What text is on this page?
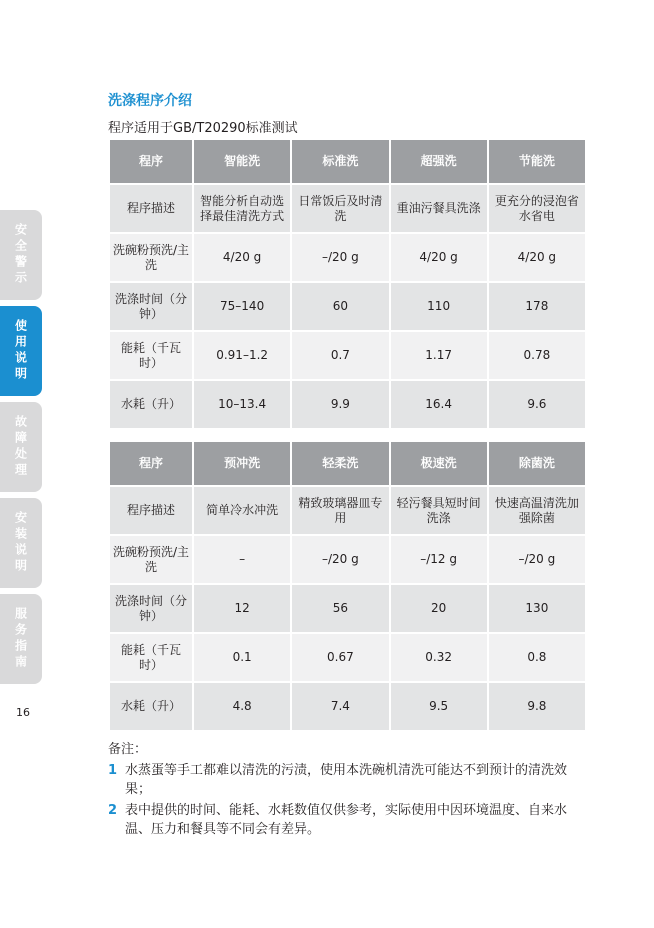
安全警示
使用说明
故障处理
安装说明
服务指南
16
洗涤程序介绍
程序适用于GB/T20290标准测试
程序	智能洗	标准洗	超强洗	节能洗
程序描述	智能分析自动选择最佳清洗方式	日常饭后及时清洗	重油污餐具洗涤	更充分的浸泡省水省电
洗碗粉预洗/主洗	4/20 g	–/20 g	4/20 g	4/20 g
洗涤时间（分钟）	75–140	60	110	178
能耗（千瓦时）	0.91–1.2	0.7	1.17	0.78
水耗（升）	10–13.4	9.9	16.4	9.6
程序	预冲洗	轻柔洗	极速洗	除菌洗
程序描述	简单冷水冲洗	精致玻璃器皿专用	轻污餐具短时间洗涤	快速高温清洗加强除菌
洗碗粉预洗/主洗	–	–/20 g	–/12 g	–/20 g
洗涤时间（分钟）	12	56	20	130
能耗（千瓦时）	0.1	0.67	0.32	0.8
水耗（升）	4.8	7.4	9.5	9.8
备注：
1 水蒸蛋等手工都难以清洗的污渍，使用本洗碗机清洗可能达不到预计的清洗效果；
2 表中提供的时间、能耗、水耗数值仅供参考，实际使用中因环境温度、自来水温、压力和餐具等不同会有差异。
